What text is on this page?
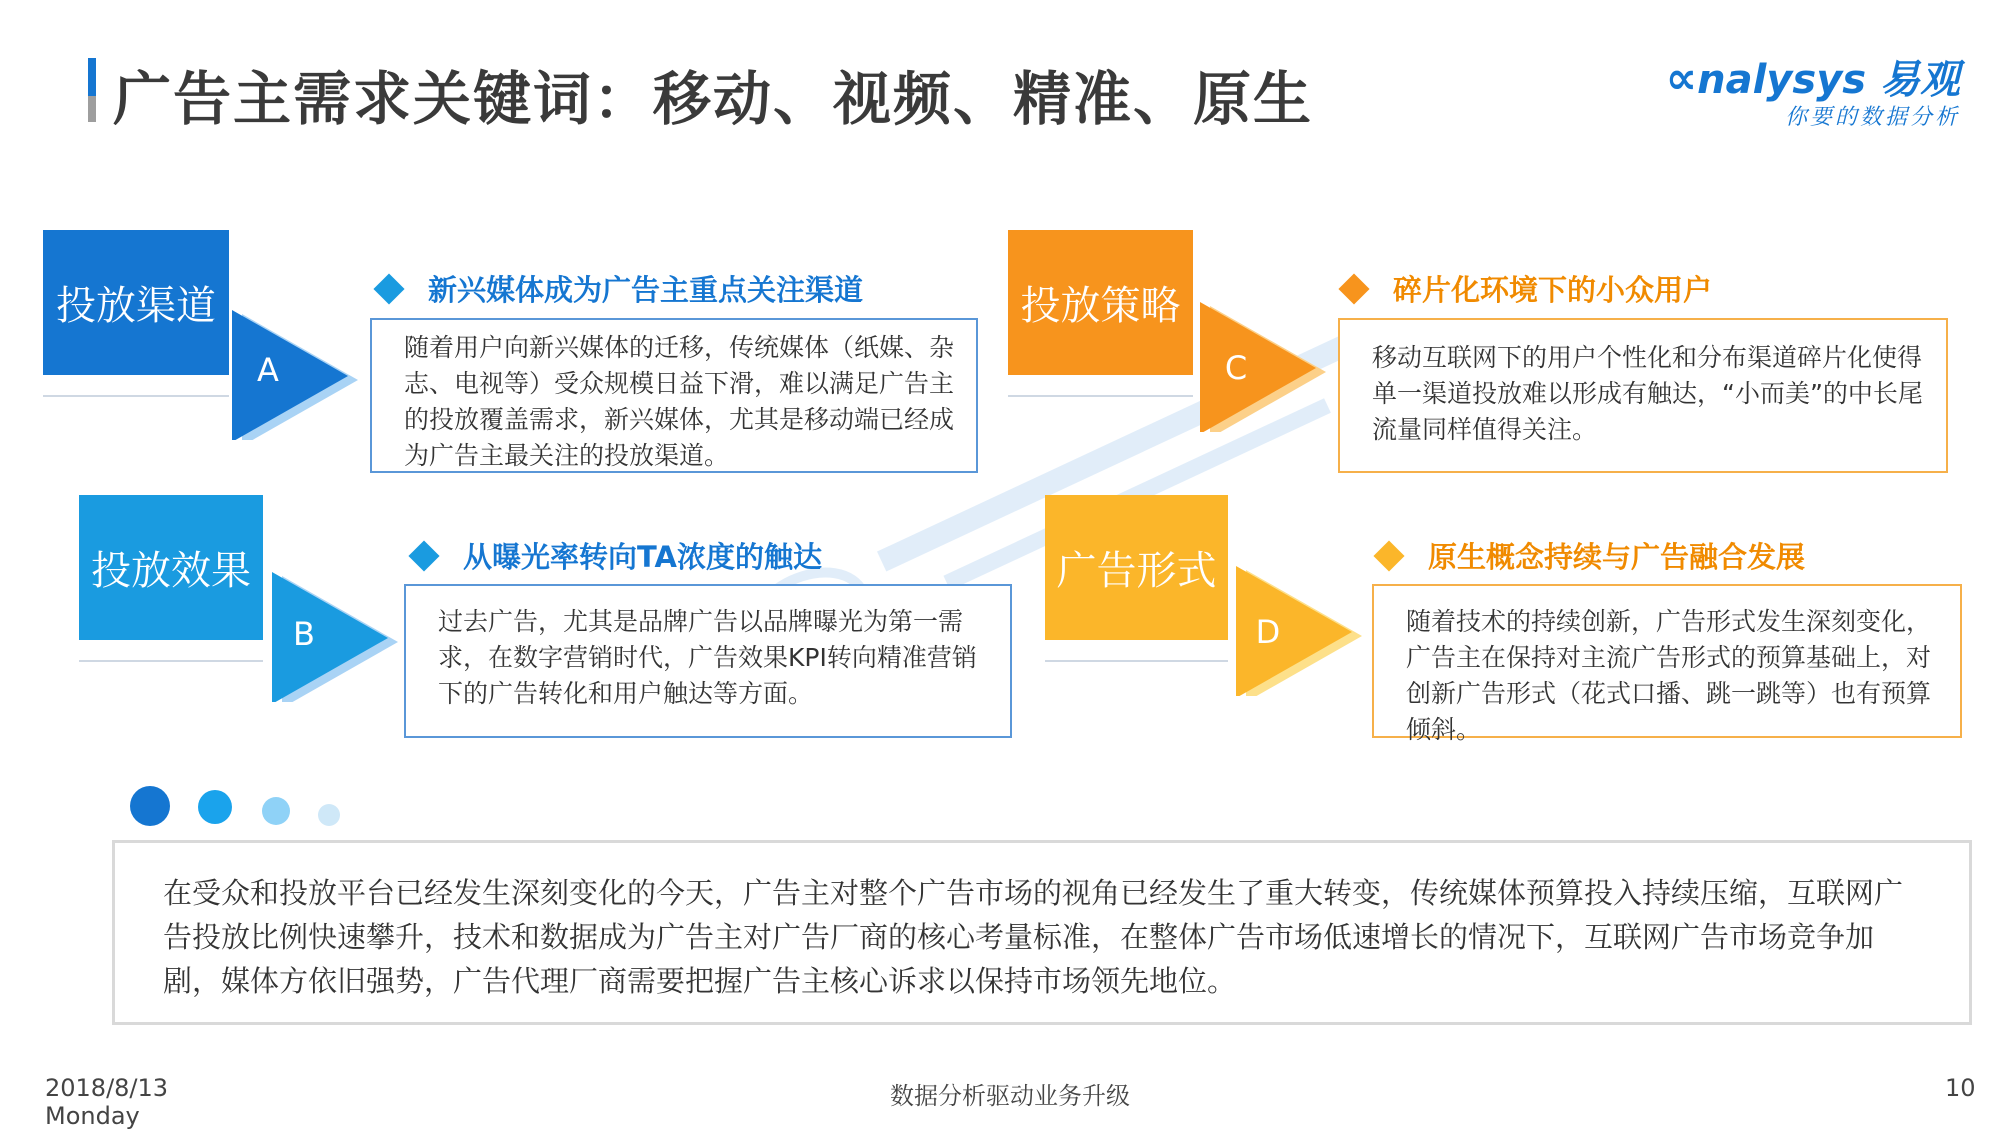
广告主需求关键词：移动、视频、精准、原生	∝nalysys 易观
你要的数据分析
投放渠道
A
新兴媒体成为广告主重点关注渠道
随着用户向新兴媒体的迁移，传统媒体（纸媒、杂志、电视等）受众规模日益下滑，难以满足广告主的投放覆盖需求，新兴媒体，尤其是移动端已经成为广告主最关注的投放渠道。
投放效果
B
从曝光率转向TA浓度的触达
过去广告，尤其是品牌广告以品牌曝光为第一需求，在数字营销时代，广告效果KPI转向精准营销下的广告转化和用户触达等方面。
投放策略
C
碎片化环境下的小众用户
移动互联网下的用户个性化和分布渠道碎片化使得单一渠道投放难以形成有触达，“小而美”的中长尾流量同样值得关注。
广告形式
D
原生概念持续与广告融合发展
随着技术的持续创新，广告形式发生深刻变化，广告主在保持对主流广告形式的预算基础上，对创新广告形式（花式口播、跳一跳等）也有预算倾斜。
在受众和投放平台已经发生深刻变化的今天，广告主对整个广告市场的视角已经发生了重大转变，传统媒体预算投入持续压缩，互联网广告投放比例快速攀升，技术和数据成为广告主对广告厂商的核心考量标准，在整体广告市场低速增长的情况下，互联网广告市场竞争加剧，媒体方依旧强势，广告代理厂商需要把握广告主核心诉求以保持市场领先地位。
2018/8/13
Monday
数据分析驱动业务升级	10
